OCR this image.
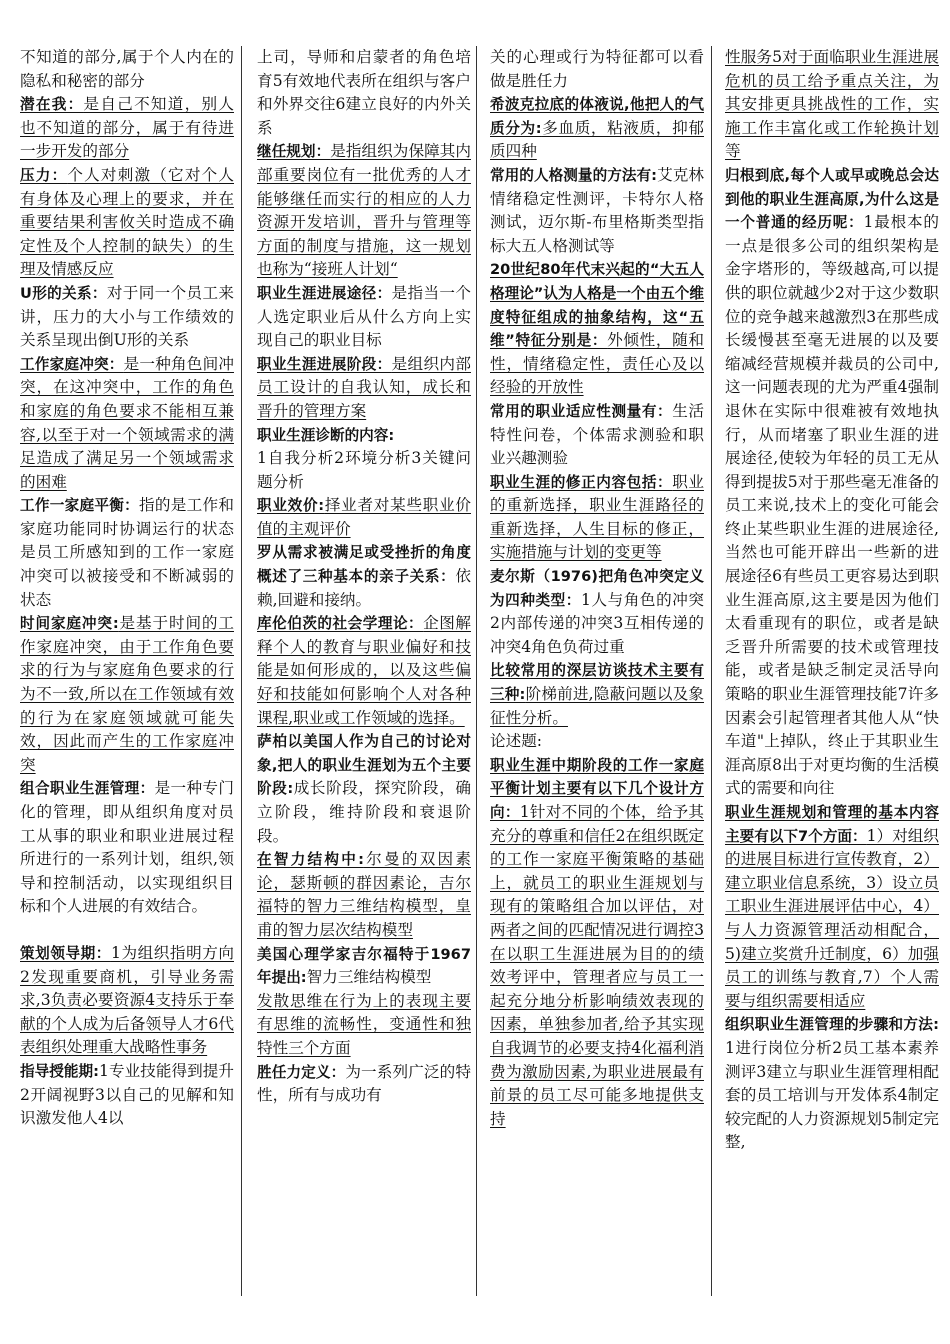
不知道的部分,属于个人内在的隐私和秘密的部分

潜在我：是自己不知道，别人也不知道的部分，属于有待进一步开发的部分

压力：个人对刺激（它对个人有身体及心理上的要求，并在重要结果利害攸关时造成不确定性及个人控制的缺失）的生理及情感反应

U形的关系：对于同一个员工来讲，压力的大小与工作绩效的关系呈现出倒U形的关系

工作家庭冲突：是一种角色间冲突，在这冲突中，工作的角色和家庭的角色要求不能相互兼容,以至于对一个领域需求的满足造成了满足另一个领域需求的困难

工作一家庭平衡：指的是工作和家庭功能同时协调运行的状态是员工所感知到的工作一家庭冲突可以被接受和不断减弱的状态

时间家庭冲突:是基于时间的工作家庭冲突，由于工作角色要求的行为与家庭角色要求的行为不一致,所以在工作领域有效的行为在家庭领域就可能失效，因此而产生的工作家庭冲突

组合职业生涯管理：是一种专门化的管理，即从组织角度对员工从事的职业和职业进展过程所进行的一系列计划，组织,领导和控制活动，以实现组织目标和个人进展的有效结合。

策划领导期：1为组织指明方向2发现重要商机，引导业务需求,3负责必要资源4支持乐于奉献的个人成为后备领导人才6代表组织处理重大战略性事务

指导授能期:1专业技能得到提升2开阔视野3以自己的见解和知识激发他人4以

上司，导师和启蒙者的角色培育5有效地代表所在组织与客户和外界交往6建立良好的内外关系

继任规划：是指组织为保障其内部重要岗位有一批优秀的人才能够继任而实行的相应的人力资源开发培训，晋升与管理等方面的制度与措施，这一规划也称为“接班人计划“

职业生涯进展途径：是指当一个人选定职业后从什么方向上实现自己的职业目标

职业生涯进展阶段：是组织内部员工设计的自我认知，成长和晋升的管理方案

职业生涯诊断的内容:

1自我分析2环境分析3关键问题分析

职业效价:择业者对某些职业价值的主观评价

罗从需求被满足或受挫折的角度概述了三种基本的亲子关系：依赖,回避和接纳。

库伦伯茨的社会学理论：企图解释个人的教育与职业偏好和技能是如何形成的，以及这些偏好和技能如何影响个人对各种课程,职业或工作领域的选择。

萨柏以美国人作为自己的讨论对象,把人的职业生涯划为五个主要阶段:成长阶段，探究阶段，确立阶段，维持阶段和衰退阶段。

在智力结构中:尔曼的双因素论，瑟斯顿的群因素论，吉尔福特的智力三维结构模型，皇甫的智力层次结构模型

美国心理学家吉尔福特于1967年提出:智力三维结构模型

发散思维在行为上的表现主要有思维的流畅性，变通性和独特性三个方面

胜任力定义：为一系列广泛的特性，所有与成功有

关的心理或行为特征都可以看做是胜任力

希波克拉底的体液说,他把人的气质分为:多血质，粘液质，抑郁质四种

常用的人格测量的方法有:艾克林情绪稳定性测评，卡特尔人格测试，迈尔斯-布里格斯类型指标大五人格测试等

20世纪80年代末兴起的“大五人格理论”认为人格是一个由五个维度特征组成的抽象结构，这“五维”特征分别是：外倾性，随和性，情绪稳定性，责任心及以经验的开放性

常用的职业适应性测量有：生活特性问卷，个体需求测验和职业兴趣测验

职业生涯的修正内容包括：职业的重新选择，职业生涯路径的重新选择，人生目标的修正，实施措施与计划的变更等

麦尔斯（1976)把角色冲突定义为四种类型：1人与角色的冲突2内部传递的冲突3互相传递的冲突4角色负荷过重

比较常用的深层访谈技术主要有三种:阶梯前进,隐蔽问题以及象征性分析。

论述题:

职业生涯中期阶段的工作一家庭平衡计划主要有以下几个设计方向：1针对不同的个体，给予其充分的尊重和信任2在组织既定的工作一家庭平衡策略的基础上，就员工的职业生涯规划与现有的策略组合加以评估，对两者之间的匹配情况进行调控3在以职工生涯进展为目的的绩效考评中，管理者应与员工一起充分地分析影响绩效表现的因素，单独参加者,给予其实现自我调节的必要支持4化福利消费为激励因素,为职业进展最有前景的员工尽可能多地提供支持

性服务5对于面临职业生涯进展危机的员工给予重点关注，为其安排更具挑战性的工作，实施工作丰富化或工作轮换计划等

归根到底,每个人或早或晚总会达到他的职业生涯高原,为什么这是一个普通的经历呢：1最根本的一点是很多公司的组织架构是金字塔形的，等级越高,可以提供的职位就越少2对于这少数职位的竞争越来越激烈3在那些成长缓慢甚至毫无进展的以及要缩减经营规模并裁员的公司中,这一问题表现的尤为严重4强制退休在实际中很难被有效地执行，从而堵塞了职业生涯的进展途径,使较为年轻的员工无从得到提拔5对于那些毫无准备的员工来说,技术上的变化可能会终止某些职业生涯的进展途径,当然也可能开辟出一些新的进展途径6有些员工更容易达到职业生涯高原,这主要是因为他们太看重现有的职位，或者是缺乏晋升所需要的技术或管理技能，或者是缺乏制定灵活导向策略的职业生涯管理技能7许多因素会引起管理者其他人从“快车道"上掉队，终止于其职业生涯高原8出于对更均衡的生活模式的需要和向往

职业生涯规划和管理的基本内容主要有以下7个方面：1）对组织的进展目标进行宣传教育，2）建立职业信息系统，3）设立员工职业生涯进展评估中心，4）与人力资源管理活动相配合，5)建立奖赏升迁制度，6）加强员工的训练与教育,7）个人需要与组织需要相适应

组织职业生涯管理的步骤和方法:1进行岗位分析2员工基本素养测评3建立与职业生涯管理相配套的员工培训与开发体系4制定较完配的人力资源规划5制定完整,
